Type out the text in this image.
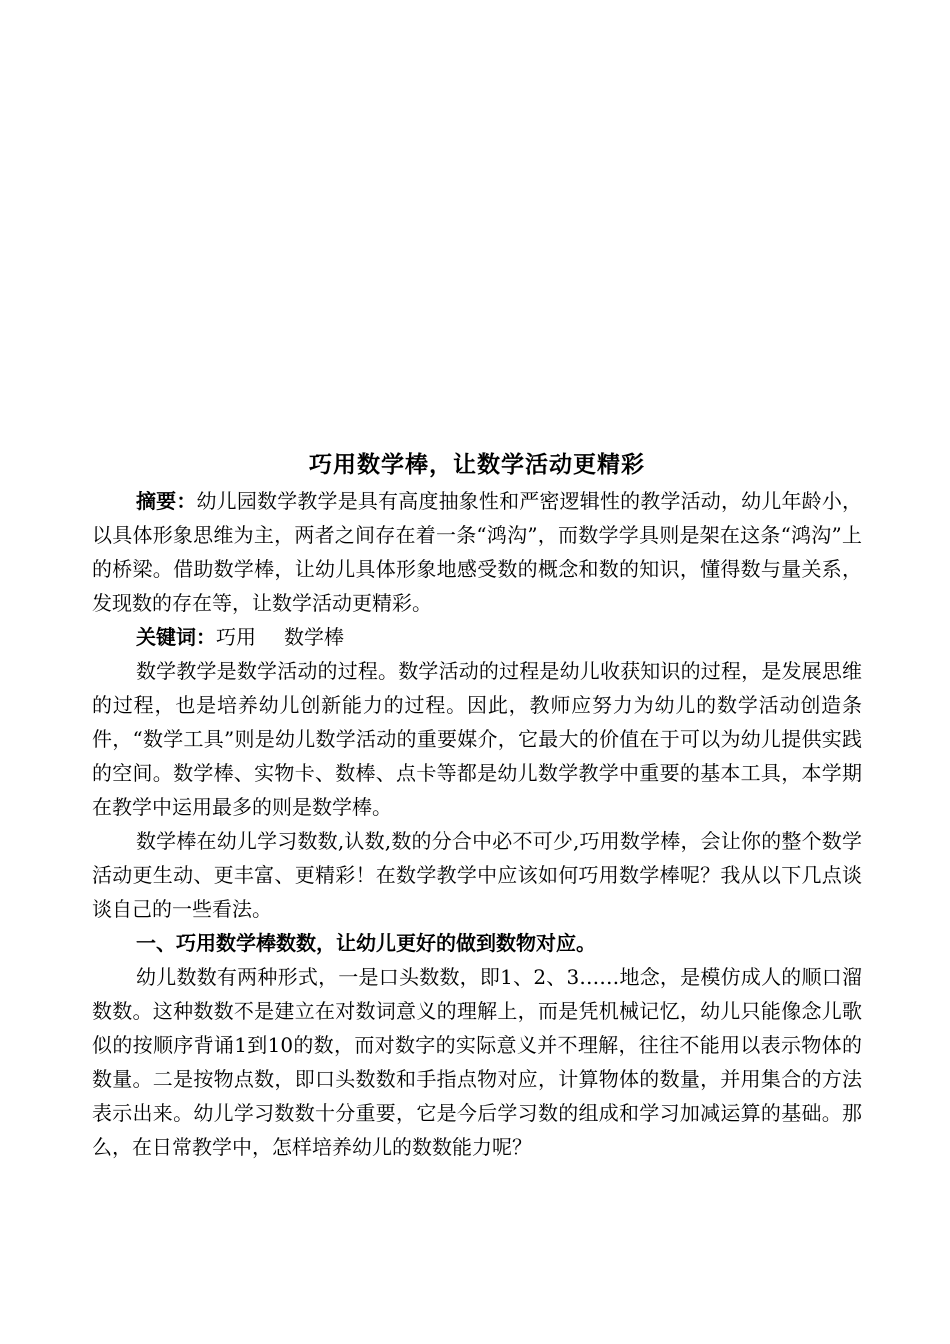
巧用数学棒，让数学活动更精彩

摘要：幼儿园数学教学是具有高度抽象性和严密逻辑性的教学活动，幼儿年龄小，以具体形象思维为主，两者之间存在着一条“鸿沟”，而数学学具则是架在这条“鸿沟”上的桥梁。借助数学棒，让幼儿具体形象地感受数的概念和数的知识，懂得数与量关系，发现数的存在等，让数学活动更精彩。

关键词：巧用 数学棒

数学教学是数学活动的过程。数学活动的过程是幼儿收获知识的过程，是发展思维的过程，也是培养幼儿创新能力的过程。因此，教师应努力为幼儿的数学活动创造条件，“数学工具”则是幼儿数学活动的重要媒介，它最大的价值在于可以为幼儿提供实践的空间。数学棒、实物卡、数棒、点卡等都是幼儿数学教学中重要的基本工具，本学期在教学中运用最多的则是数学棒。

数学棒在幼儿学习数数,认数,数的分合中必不可少,巧用数学棒，会让你的整个数学活动更生动、更丰富、更精彩！在数学教学中应该如何巧用数学棒呢？我从以下几点谈谈自己的一些看法。

一、巧用数学棒数数，让幼儿更好的做到数物对应。

幼儿数数有两种形式，一是口头数数，即1、2、3……地念，是模仿成人的顺口溜数数。这种数数不是建立在对数词意义的理解上，而是凭机械记忆，幼儿只能像念儿歌似的按顺序背诵1到10的数，而对数字的实际意义并不理解，往往不能用以表示物体的数量。二是按物点数，即口头数数和手指点物对应，计算物体的数量，并用集合的方法表示出来。幼儿学习数数十分重要，它是今后学习数的组成和学习加减运算的基础。那么，在日常教学中，怎样培养幼儿的数数能力呢？
